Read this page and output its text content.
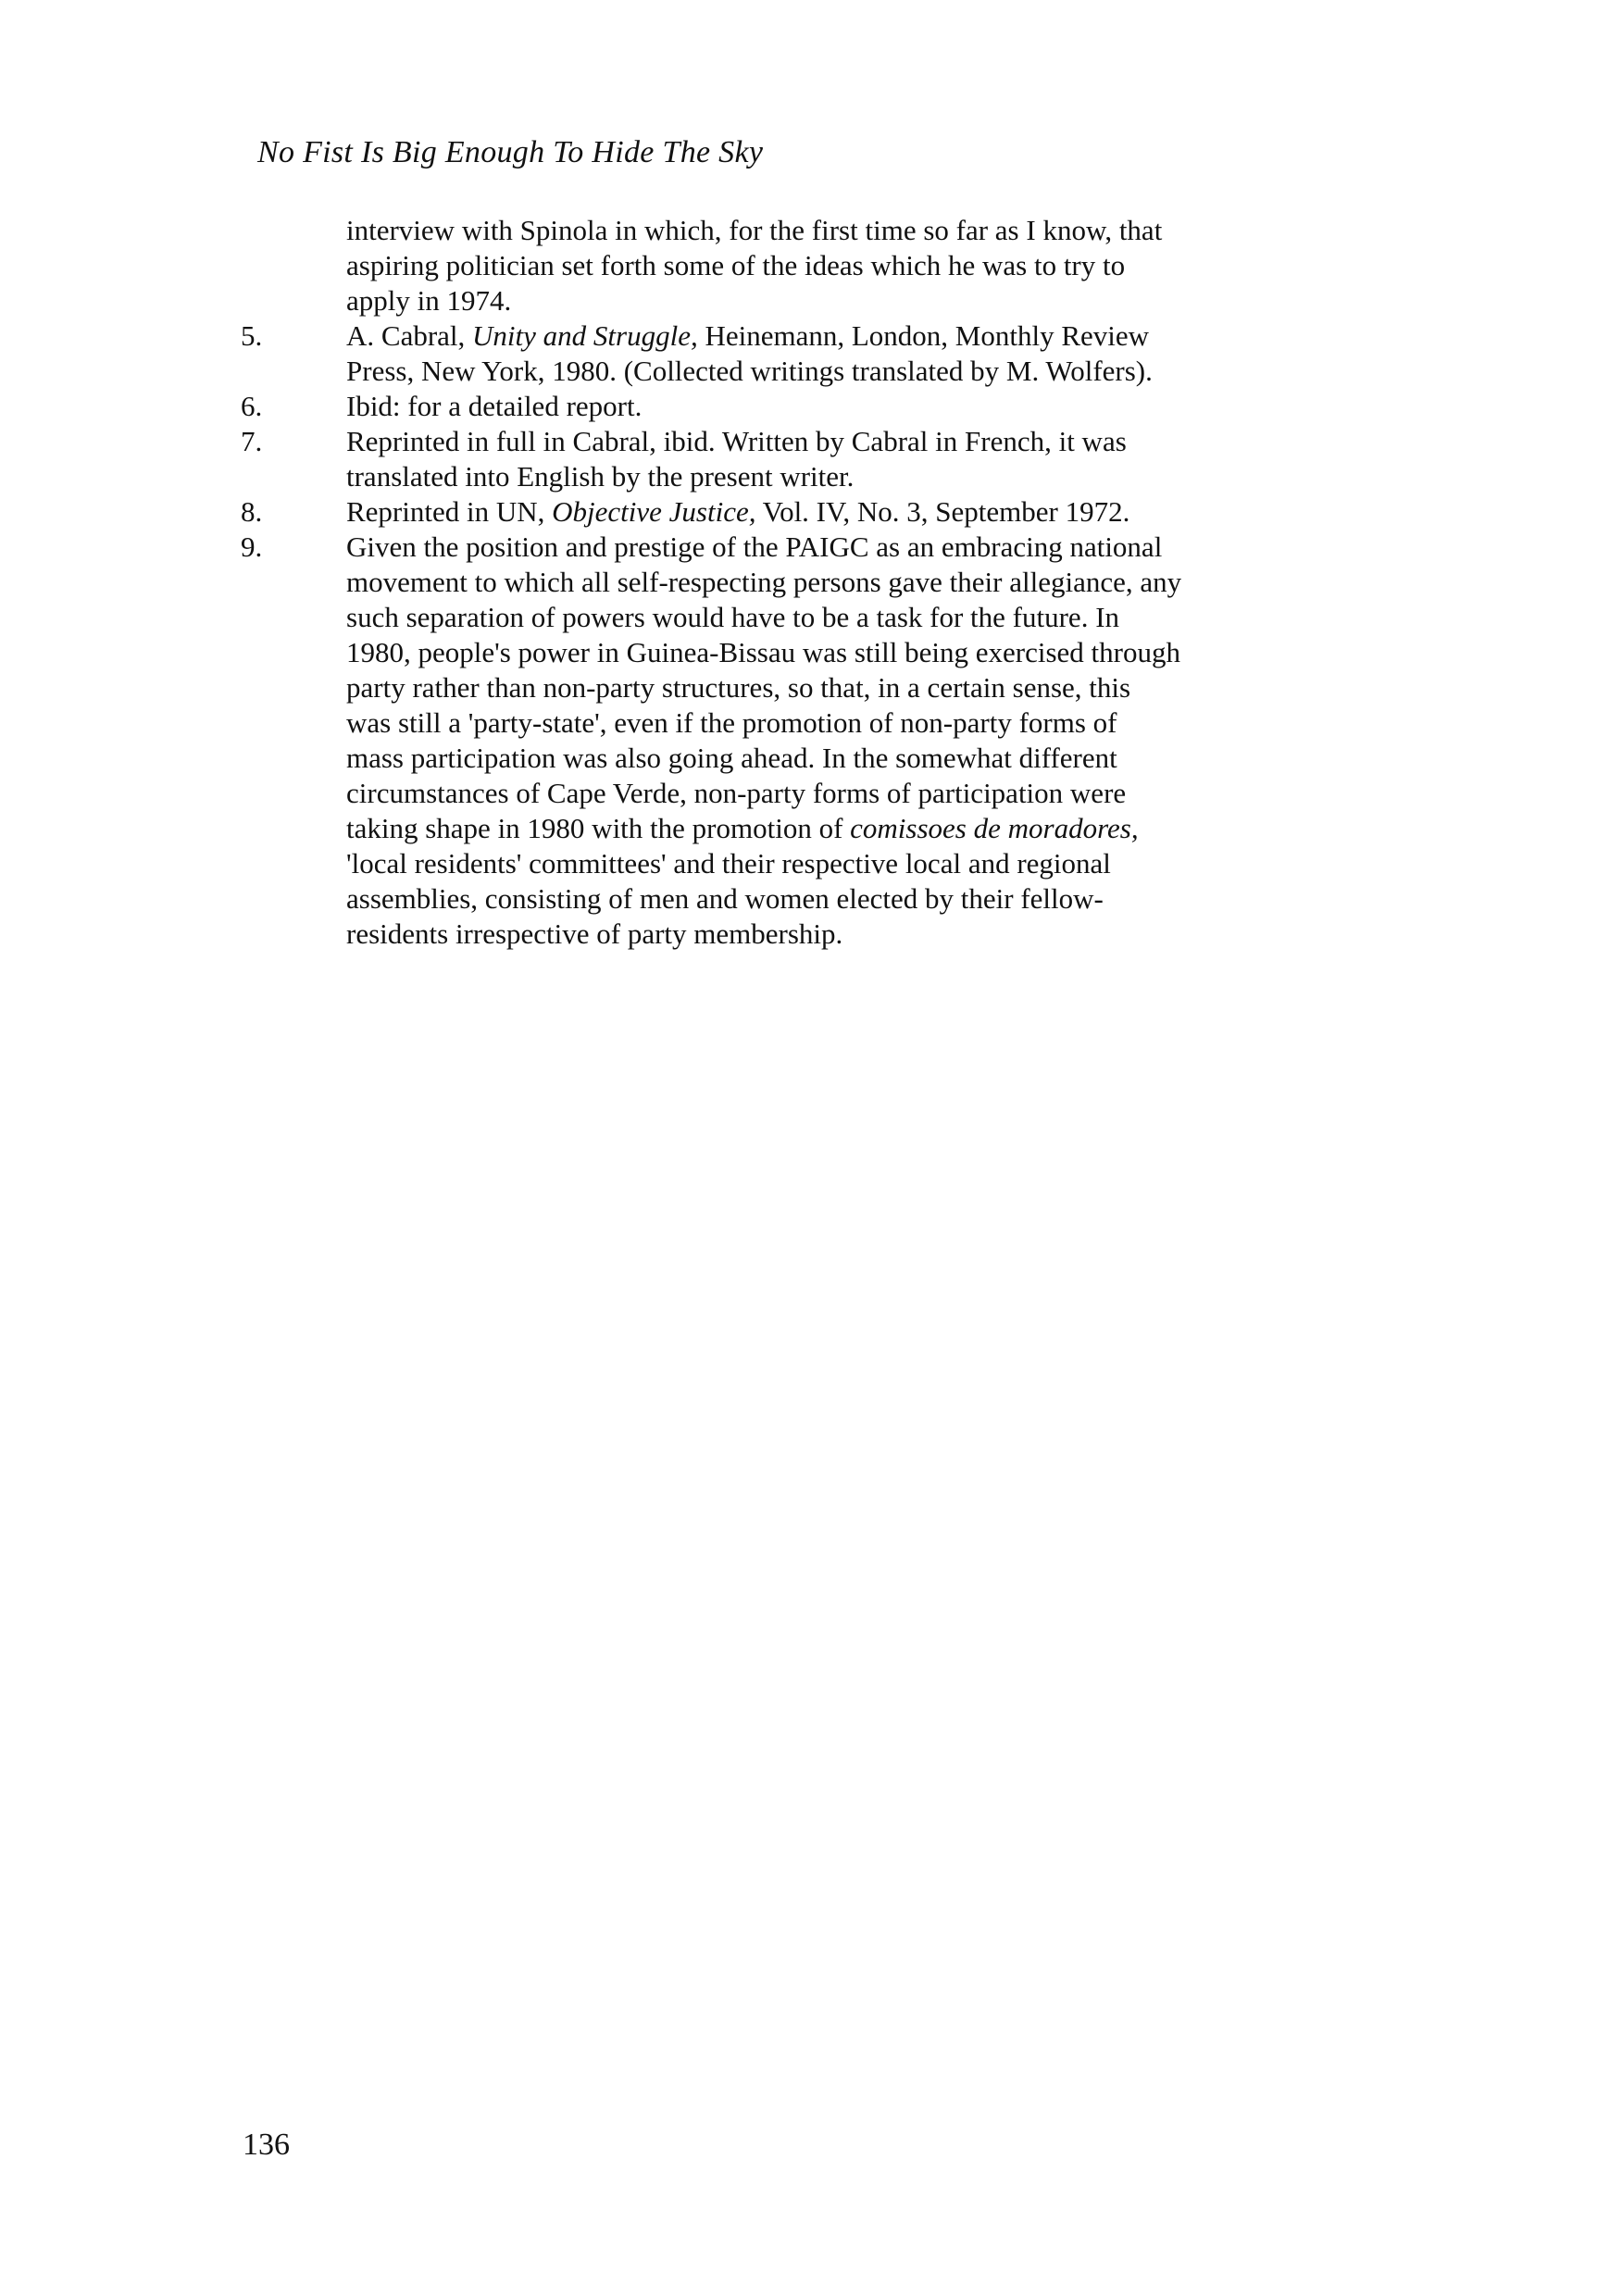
No Fist Is Big Enough To Hide The Sky
interview with Spinola in which, for the first time so far as I know, that
aspiring politician set forth some of the ideas which he was to try to
apply in 1974.
5.	A. Cabral, Unity and Struggle, Heinemann, London, Monthly Review
Press, New York, 1980. (Collected writings translated by M. Wolfers).
6.	Ibid: for a detailed report.
7.	Reprinted in full in Cabral, ibid. Written by Cabral in French, it was
translated into English by the present writer.
8.	Reprinted in UN, Objective Justice, Vol. IV, No. 3, September 1972.
9.	Given the position and prestige of the PAIGC as an embracing national
movement to which all self-respecting persons gave their allegiance, any
such separation of powers would have to be a task for the future. In
1980, people's power in Guinea-Bissau was still being exercised through
party rather than non-party structures, so that, in a certain sense, this
was still a 'party-state', even if the promotion of non-party forms of
mass participation was also going ahead. In the somewhat different
circumstances of Cape Verde, non-party forms of participation were
taking shape in 1980 with the promotion of comissoes de moradores,
'local residents' committees' and their respective local and regional
assemblies, consisting of men and women elected by their fellow-
residents irrespective of party membership.

136
